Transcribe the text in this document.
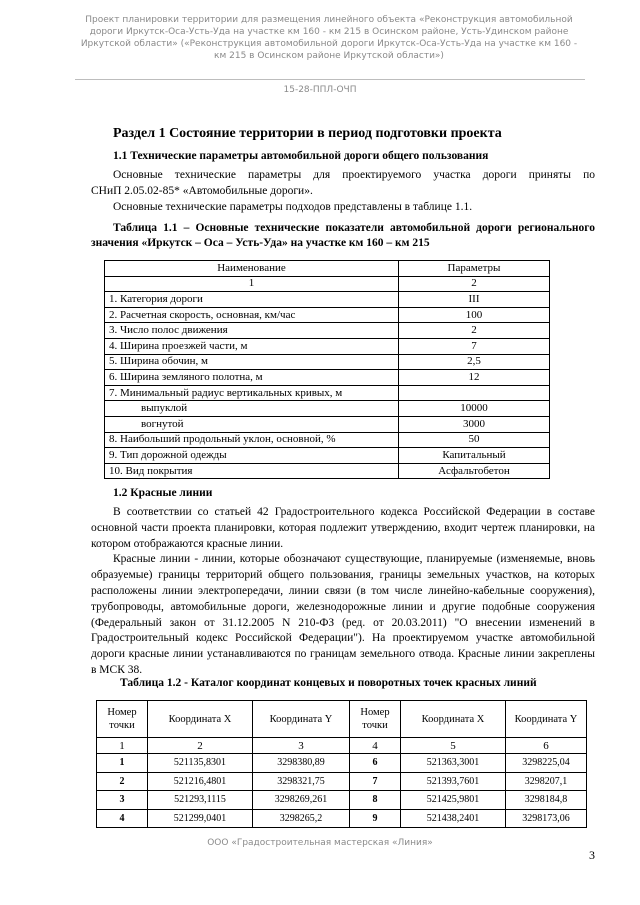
Проект планировки территории для размещения линейного объекта «Реконструкция автомобильной
дороги Иркутск-Оса-Усть-Уда на участке км 160 - км 215 в Осинском районе, Усть-Удинском районе
Иркутской области» («Реконструкция автомобильной дороги Иркутск-Оса-Усть-Уда на участке км 160 -
км 215 в Осинском районе Иркутской области»)
15-28-ППЛ-ОЧП
Раздел 1 Состояние территории в период подготовки проекта
1.1 Технические параметры автомобильной дороги общего пользования

Основные технические параметры для проектируемого участка дороги приняты по

СНиП 2.05.02-85* «Автомобильные дороги».

Основные технические параметры подходов представлены в таблице 1.1.

Таблица 1.1 – Основные технические показатели автомобильной дороги регионального значения «Иркутск – Оса – Усть-Уда» на участке км 160 – км 215
Наименование	Параметры
1	2
1. Категория дороги	III
2. Расчетная скорость, основная, км/час	100
3. Число полос движения	2
4. Ширина проезжей части, м	7
5. Ширина обочин, м	2,5
6. Ширина земляного полотна, м	12
7. Минимальный радиус вертикальных кривых, м	
выпуклой	10000
вогнутой	3000
8. Наибольший продольный уклон, основной, %	50
9. Тип дорожной одежды	Капитальный
10. Вид покрытия	Асфальтобетон
1.2 Красные линии

В соответствии со статьей 42 Градостроительного кодекса Российской Федерации в составе основной части проекта планировки, которая подлежит утверждению, входит чертеж планировки, на котором отображаются красные линии.

Красные линии - линии, которые обозначают существующие, планируемые (изменяемые, вновь образуемые) границы территорий общего пользования, границы земельных участков, на которых расположены линии электропередачи, линии связи (в том числе линейно-кабельные сооружения), трубопроводы, автомобильные дороги, железнодорожные линии и другие подобные сооружения (Федеральный закон от 31.12.2005 N 210-ФЗ (ред. от 20.03.2011) "О внесении изменений в Градостроительный кодекс Российской Федерации"). На проектируемом участке автомобильной дороги красные линии устанавливаются по границам земельного отвода. Красные линии закреплены в МСК 38.

Таблица 1.2 - Каталог координат концевых и поворотных точек красных линий
Номер точки	Координата X	Координата Y	Номер точки	Координата X	Координата Y
1	2	3	4	5	6
1	521135,8301	3298380,89	6	521363,3001	3298225,04
2	521216,4801	3298321,75	7	521393,7601	3298207,1
3	521293,1115	3298269,261	8	521425,9801	3298184,8
4	521299,0401	3298265,2	9	521438,2401	3298173,06
ООО «Градостроительная мастерская «Линия»
3
